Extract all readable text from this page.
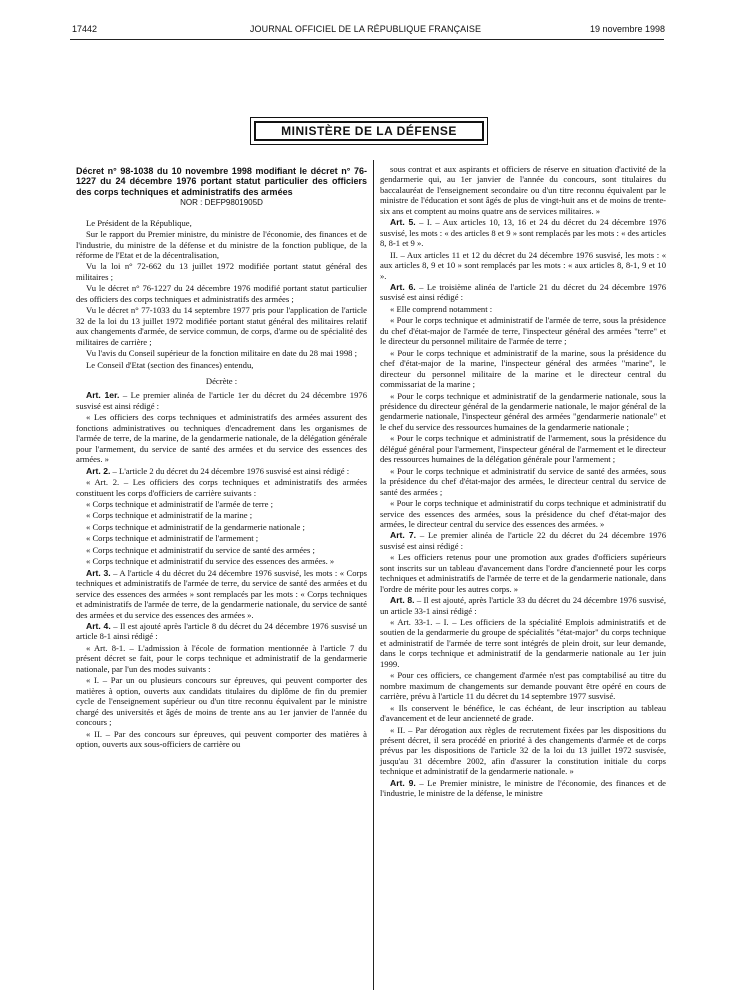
17442	JOURNAL OFFICIEL DE LA RÉPUBLIQUE FRANÇAISE	19 novembre 1998
MINISTÈRE DE LA DÉFENSE

Décret n° 98-1038 du 10 novembre 1998 modifiant le décret n° 76-1227 du 24 décembre 1976 portant statut particulier des officiers des corps techniques et administratifs des armées

NOR : DEFP9801905D

Le Président de la République,

Sur le rapport du Premier ministre, du ministre de l'économie, des finances et de l'industrie, du ministre de la défense et du ministre de la fonction publique, de la réforme de l'Etat et de la décentralisation,

Vu la loi n° 72-662 du 13 juillet 1972 modifiée portant statut général des militaires ;

Vu le décret n° 76-1227 du 24 décembre 1976 modifié portant statut particulier des officiers des corps techniques et administratifs des armées ;

Vu le décret n° 77-1033 du 14 septembre 1977 pris pour l'application de l'article 32 de la loi du 13 juillet 1972 modifiée portant statut général des militaires relatif aux changements d'armée, de service commun, de corps, d'arme ou de spécialité des militaires de carrière ;

Vu l'avis du Conseil supérieur de la fonction militaire en date du 28 mai 1998 ;

Le Conseil d'Etat (section des finances) entendu,

Décrète :

Art. 1er. – Le premier alinéa de l'article 1er du décret du 24 décembre 1976 susvisé est ainsi rédigé :

« Les officiers des corps techniques et administratifs des armées assurent des fonctions administratives ou techniques d'encadrement dans les organismes de l'armée de terre, de la marine, de la gendarmerie nationale, de la délégation générale pour l'armement, du service de santé des armées et du service des essences des armées. »

Art. 2. – L'article 2 du décret du 24 décembre 1976 susvisé est ainsi rédigé :

« Art. 2. – Les officiers des corps techniques et administratifs des armées constituent les corps d'officiers de carrière suivants :

« Corps technique et administratif de l'armée de terre ;

« Corps technique et administratif de la marine ;

« Corps technique et administratif de la gendarmerie nationale ;

« Corps technique et administratif de l'armement ;

« Corps technique et administratif du service de santé des armées ;

« Corps technique et administratif du service des essences des armées. »

Art. 3. – A l'article 4 du décret du 24 décembre 1976 susvisé, les mots : « Corps techniques et administratifs de l'armée de terre, du service de santé des armées et du service des essences des armées » sont remplacés par les mots : « Corps techniques et administratifs de l'armée de terre, de la gendarmerie nationale, du service de santé des armées et du service des essences des armées ».

Art. 4. – Il est ajouté après l'article 8 du décret du 24 décembre 1976 susvisé un article 8-1 ainsi rédigé :

« Art. 8-1. – L'admission à l'école de formation mentionnée à l'article 7 du présent décret se fait, pour le corps technique et administratif de la gendarmerie nationale, par l'un des modes suivants :

« I. – Par un ou plusieurs concours sur épreuves, qui peuvent comporter des matières à option, ouverts aux candidats titulaires du diplôme de fin du premier cycle de l'enseignement supérieur ou d'un titre reconnu équivalent par le ministre chargé des universités et âgés de moins de trente ans au 1er janvier de l'année du concours ;

« II. – Par des concours sur épreuves, qui peuvent comporter des matières à option, ouverts aux sous-officiers de carrière ou

sous contrat et aux aspirants et officiers de réserve en situation d'activité de la gendarmerie qui, au 1er janvier de l'année du concours, sont titulaires du baccalauréat de l'enseignement secondaire ou d'un titre reconnu équivalent par le ministre de l'éducation et sont âgés de plus de vingt-huit ans et de moins de trente-six ans et comptent au moins quatre ans de services militaires. »

Art. 5. – I. – Aux articles 10, 13, 16 et 24 du décret du 24 décembre 1976 susvisé, les mots : « des articles 8 et 9 » sont remplacés par les mots : « des articles 8, 8-1 et 9 ».

II. – Aux articles 11 et 12 du décret du 24 décembre 1976 susvisé, les mots : « aux articles 8, 9 et 10 » sont remplacés par les mots : « aux articles 8, 8-1, 9 et 10 ».

Art. 6. – Le troisième alinéa de l'article 21 du décret du 24 décembre 1976 susvisé est ainsi rédigé :

« Elle comprend notamment :

« Pour le corps technique et administratif de l'armée de terre, sous la présidence du chef d'état-major de l'armée de terre, l'inspecteur général des armées "terre" et le directeur du personnel militaire de l'armée de terre ;

« Pour le corps technique et administratif de la marine, sous la présidence du chef d'état-major de la marine, l'inspecteur général des armées "marine", le directeur du personnel militaire de la marine et le directeur central du commissariat de la marine ;

« Pour le corps technique et administratif de la gendarmerie nationale, sous la présidence du directeur général de la gendarmerie nationale, le major général de la gendarmerie nationale, l'inspecteur général des armées "gendarmerie nationale" et le chef du service des ressources humaines de la gendarmerie nationale ;

« Pour le corps technique et administratif de l'armement, sous la présidence du délégué général pour l'armement, l'inspecteur général de l'armement et le directeur des ressources humaines de la délégation générale pour l'armement ;

« Pour le corps technique et administratif du service de santé des armées, sous la présidence du chef d'état-major des armées, le directeur central du service de santé des armées ;

« Pour le corps technique et administratif du corps technique et administratif du service des essences des armées, sous la présidence du chef d'état-major des armées, le directeur central du service des essences des armées. »

Art. 7. – Le premier alinéa de l'article 22 du décret du 24 décembre 1976 susvisé est ainsi rédigé :

« Les officiers retenus pour une promotion aux grades d'officiers supérieurs sont inscrits sur un tableau d'avancement dans l'ordre d'ancienneté pour les corps techniques et administratifs de l'armée de terre et de la gendarmerie nationale, dans l'ordre de mérite pour les autres corps. »

Art. 8. – Il est ajouté, après l'article 33 du décret du 24 décembre 1976 susvisé, un article 33-1 ainsi rédigé :

« Art. 33-1. – I. – Les officiers de la spécialité Emplois administratifs et de soutien de la gendarmerie du groupe de spécialités "état-major" du corps technique et administratif de l'armée de terre sont intégrés de plein droit, sur leur demande, dans le corps technique et administratif de la gendarmerie nationale au 1er juin 1999.

« Pour ces officiers, ce changement d'armée n'est pas comptabilisé au titre du nombre maximum de changements sur demande pouvant être opéré en cours de carrière, prévu à l'article 11 du décret du 14 septembre 1977 susvisé.

« Ils conservent le bénéfice, le cas échéant, de leur inscription au tableau d'avancement et de leur ancienneté de grade.

« II. – Par dérogation aux règles de recrutement fixées par les dispositions du présent décret, il sera procédé en priorité à des changements d'armée et de corps prévus par les dispositions de l'article 32 de la loi du 13 juillet 1972 susvisée, jusqu'au 31 décembre 2002, afin d'assurer la constitution initiale du corps technique et administratif de la gendarmerie nationale. »

Art. 9. – Le Premier ministre, le ministre de l'économie, des finances et de l'industrie, le ministre de la défense, le ministre
